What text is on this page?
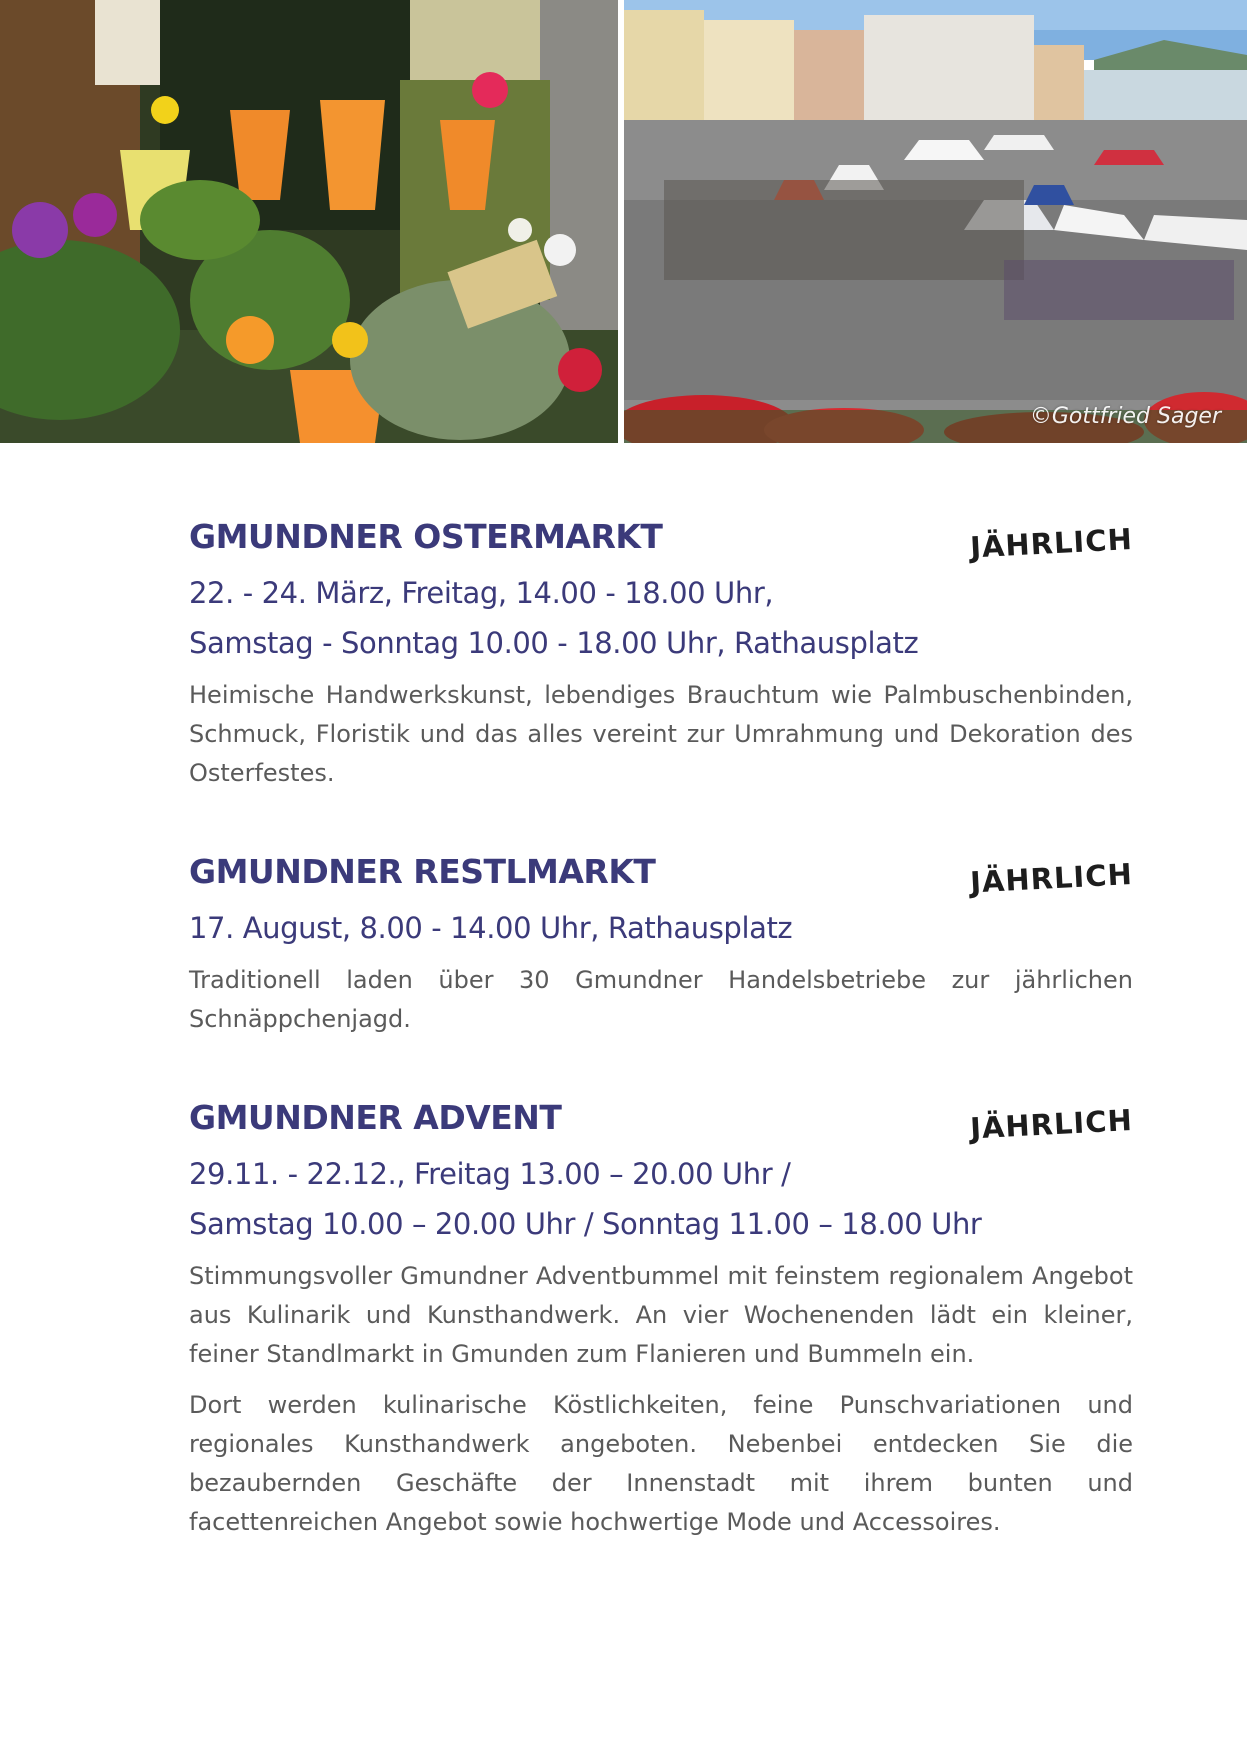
©Gottfried Sager
JÄHRLICH
GMUNDNER OSTERMARKT
22. - 24. März, Freitag, 14.00 - 18.00 Uhr,
Samstag - Sonntag 10.00 - 18.00 Uhr, Rathausplatz
Heimische Handwerkskunst, lebendiges Brauchtum wie Palmbuschenbinden, Schmuck, Floristik und das alles vereint zur Umrahmung und Dekoration des Osterfestes.
JÄHRLICH
GMUNDNER RESTLMARKT
17. August, 8.00 - 14.00 Uhr, Rathausplatz
Traditionell laden über 30 Gmundner Handelsbetriebe zur jährlichen Schnäppchenjagd.
JÄHRLICH
GMUNDNER ADVENT
29.11. - 22.12., Freitag 13.00 – 20.00 Uhr /
Samstag 10.00 – 20.00 Uhr / Sonntag 11.00 – 18.00 Uhr
Stimmungsvoller Gmundner Adventbummel mit feinstem regionalem Angebot aus Kulinarik und Kunsthandwerk. An vier Wochenenden lädt ein kleiner, feiner Standlmarkt in Gmunden zum Flanieren und Bummeln ein.
Dort werden kulinarische Köstlichkeiten, feine Punschvariationen und regionales Kunsthandwerk angeboten. Nebenbei entdecken Sie die bezaubernden Geschäfte der Innenstadt mit ihrem bunten und facettenreichen Angebot sowie hochwertige Mode und Accessoires.
